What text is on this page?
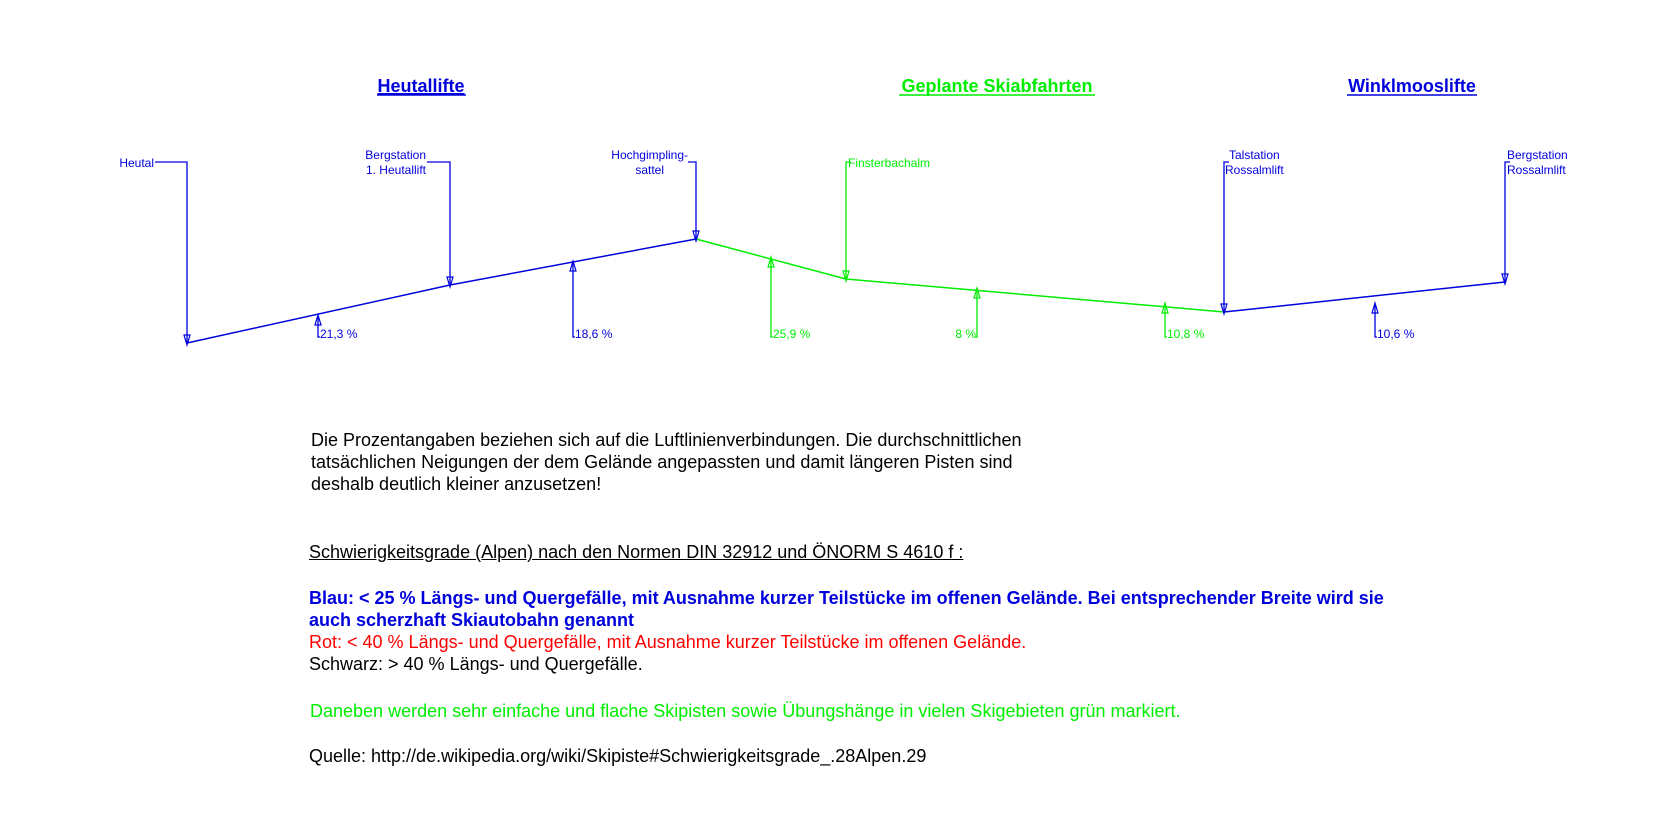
Heutallifte	Geplante Skiabfahrten	Winklmooslifte
Heutal
Bergstation
1. Heutallift
Hochgimpling-
sattel	Finsterbachalm
Talstation
Rossalmlift
Bergstation
Rossalmlift
21,3 %	18,6 %	25,9 %	8 %	10,8 %	10,6 %

Die Prozentangaben beziehen sich auf die Luftlinienverbindungen. Die durchschnittlichen tatsächlichen Neigungen der dem Gelände angepassten und damit längeren Pisten sind deshalb deutlich kleiner anzusetzen!

Schwierigkeitsgrade (Alpen) nach den Normen DIN 32912 und ÖNORM S 4610 f :

Blau: < 25 % Längs- und Quergefälle, mit Ausnahme kurzer Teilstücke im offenen Gelände. Bei entsprechender Breite wird sie auch scherzhaft Skiautobahn genannt

Rot: < 40 % Längs- und Quergefälle, mit Ausnahme kurzer Teilstücke im offenen Gelände.

Schwarz: > 40 % Längs- und Quergefälle.

Daneben werden sehr einfache und flache Skipisten sowie Übungshänge in vielen Skigebieten grün markiert.

Quelle: http://de.wikipedia.org/wiki/Skipiste#Schwierigkeitsgrade_.28Alpen.29
